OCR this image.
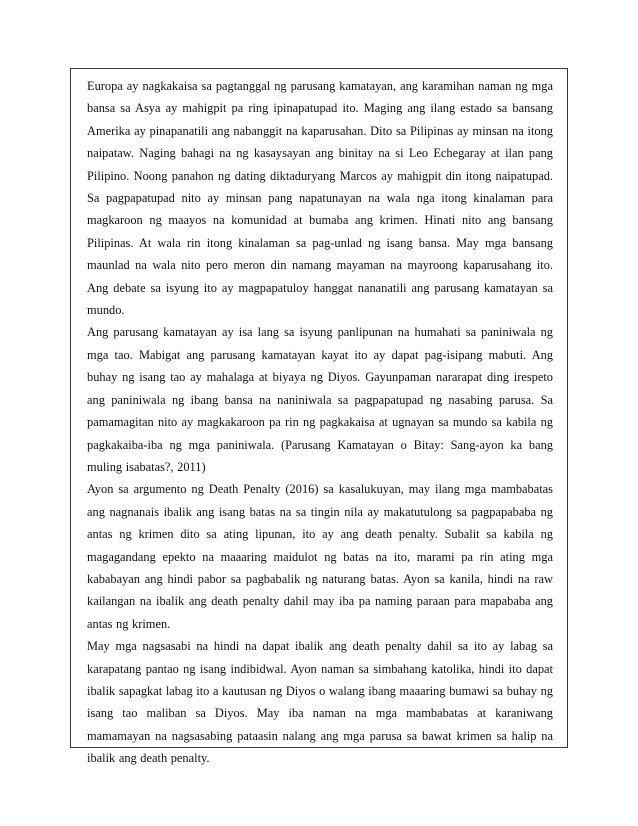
Europa ay nagkakaisa sa pagtanggal ng parusang kamatayan, ang karamihan naman ng mga bansa sa Asya ay mahigpit pa ring ipinapatupad ito. Maging ang ilang estado sa bansang Amerika ay pinapanatili ang nabanggit na kaparusahan. Dito sa Pilipinas ay minsan na itong naipataw. Naging bahagi na ng kasaysayan ang binitay na si Leo Echegaray at ilan pang Pilipino. Noong panahon ng dating diktaduryang Marcos ay mahigpit din itong naipatupad. Sa pagpapatupad nito ay minsan pang napatunayan na wala nga itong kinalaman para magkaroon ng maayos na komunidad at bumaba ang krimen. Hinati nito ang bansang Pilipinas. At wala rin itong kinalaman sa pag-unlad ng isang bansa. May mga bansang maunlad na wala nito pero meron din namang mayaman na mayroong kaparusahang ito. Ang debate sa isyung ito ay magpapatuloy hanggat nananatili ang parusang kamatayan sa mundo.

Ang parusang kamatayan ay isa lang sa isyung panlipunan na humahati sa paniniwala ng mga tao. Mabigat ang parusang kamatayan kayat ito ay dapat pag-isipang mabuti. Ang buhay ng isang tao ay mahalaga at biyaya ng Diyos. Gayunpaman nararapat ding irespeto ang paniniwala ng ibang bansa na naniniwala sa pagpapatupad ng nasabing parusa. Sa pamamagitan nito ay magkakaroon pa rin ng pagkakaisa at ugnayan sa mundo sa kabila ng pagkakaiba-iba ng mga paniniwala. (Parusang Kamatayan o Bitay: Sang-ayon ka bang muling isabatas?, 2011)

Ayon sa argumento ng Death Penalty (2016) sa kasalukuyan, may ilang mga mambabatas ang nagnanais ibalik ang isang batas na sa tingin nila ay makatutulong sa pagpapababa ng antas ng krimen dito sa ating lipunan, ito ay ang death penalty. Subalit sa kabila ng magagandang epekto na maaaring maidulot ng batas na ito, marami pa rin ating mga kababayan ang hindi pabor sa pagbabalik ng naturang batas. Ayon sa kanila, hindi na raw kailangan na ibalik ang death penalty dahil may iba pa naming paraan para mapababa ang antas ng krimen.

May mga nagsasabi na hindi na dapat ibalik ang death penalty dahil sa ito ay labag sa karapatang pantao ng isang indibidwal. Ayon naman sa simbahang katolika, hindi ito dapat ibalik sapagkat labag ito a kautusan ng Diyos o walang ibang maaaring bumawi sa buhay ng isang tao maliban sa Diyos. May iba naman na mga mambabatas at karaniwang mamamayan na nagsasabing pataasin nalang ang mga parusa sa bawat krimen sa halip na ibalik ang death penalty.
